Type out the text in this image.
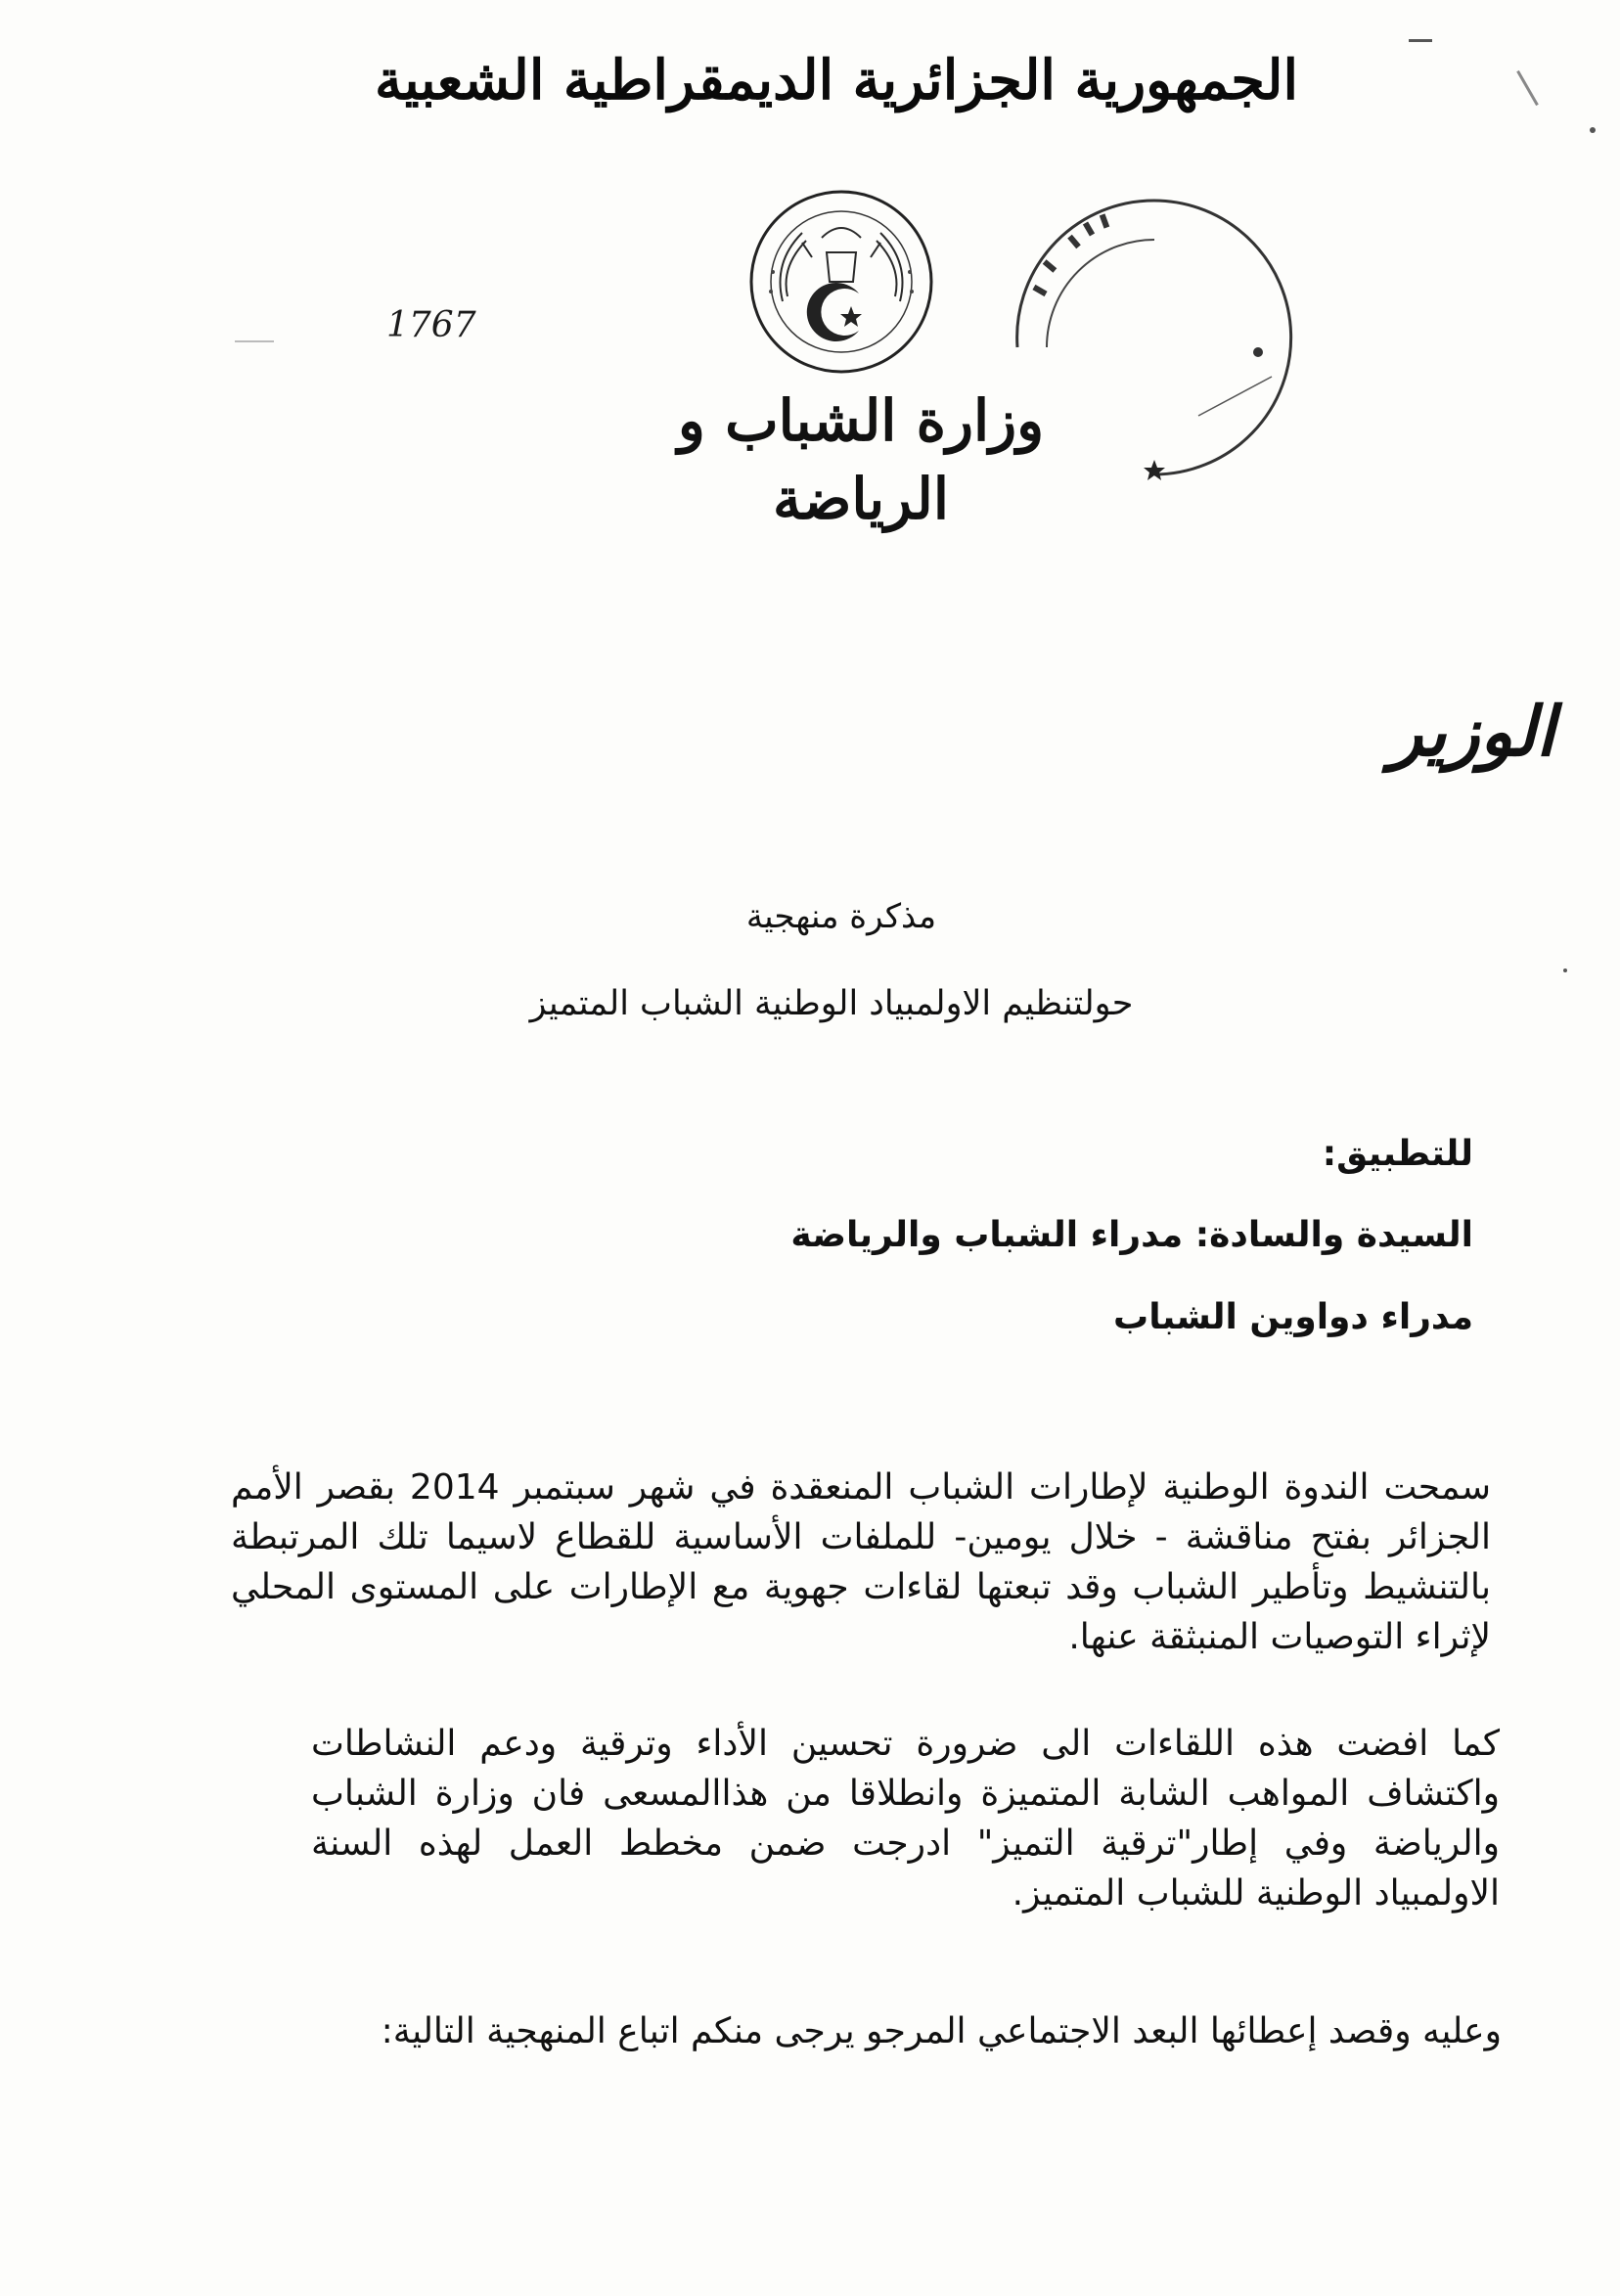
الجمهورية الجزائرية الديمقراطية الشعبية
1767
وزارة الشباب و الرياضة
الوزير
مذكرة منهجية
حولتنظيم الاولمبياد الوطنية الشباب المتميز
للتطبيق:
السيدة والسادة: مدراء الشباب والرياضة
مدراء دواوين الشباب
سمحت الندوة الوطنية لإطارات الشباب المنعقدة في شهر سبتمبر 2014 بقصر الأمم الجزائر بفتح مناقشة - خلال يومين- للملفات الأساسية للقطاع لاسيما تلك المرتبطة بالتنشيط وتأطير الشباب وقد تبعتها لقاءات جهوية مع الإطارات على المستوى المحلي لإثراء التوصيات المنبثقة عنها.
كما افضت هذه اللقاءات الى ضرورة تحسين الأداء وترقية ودعم النشاطات واكتشاف المواهب الشابة المتميزة وانطلاقا من هذاالمسعى فان وزارة الشباب والرياضة وفي إطار"ترقية التميز" ادرجت ضمن مخطط العمل لهذه السنة الاولمبياد الوطنية للشباب المتميز.
وعليه وقصد إعطائها البعد الاجتماعي المرجو يرجى منكم اتباع المنهجية التالية:
